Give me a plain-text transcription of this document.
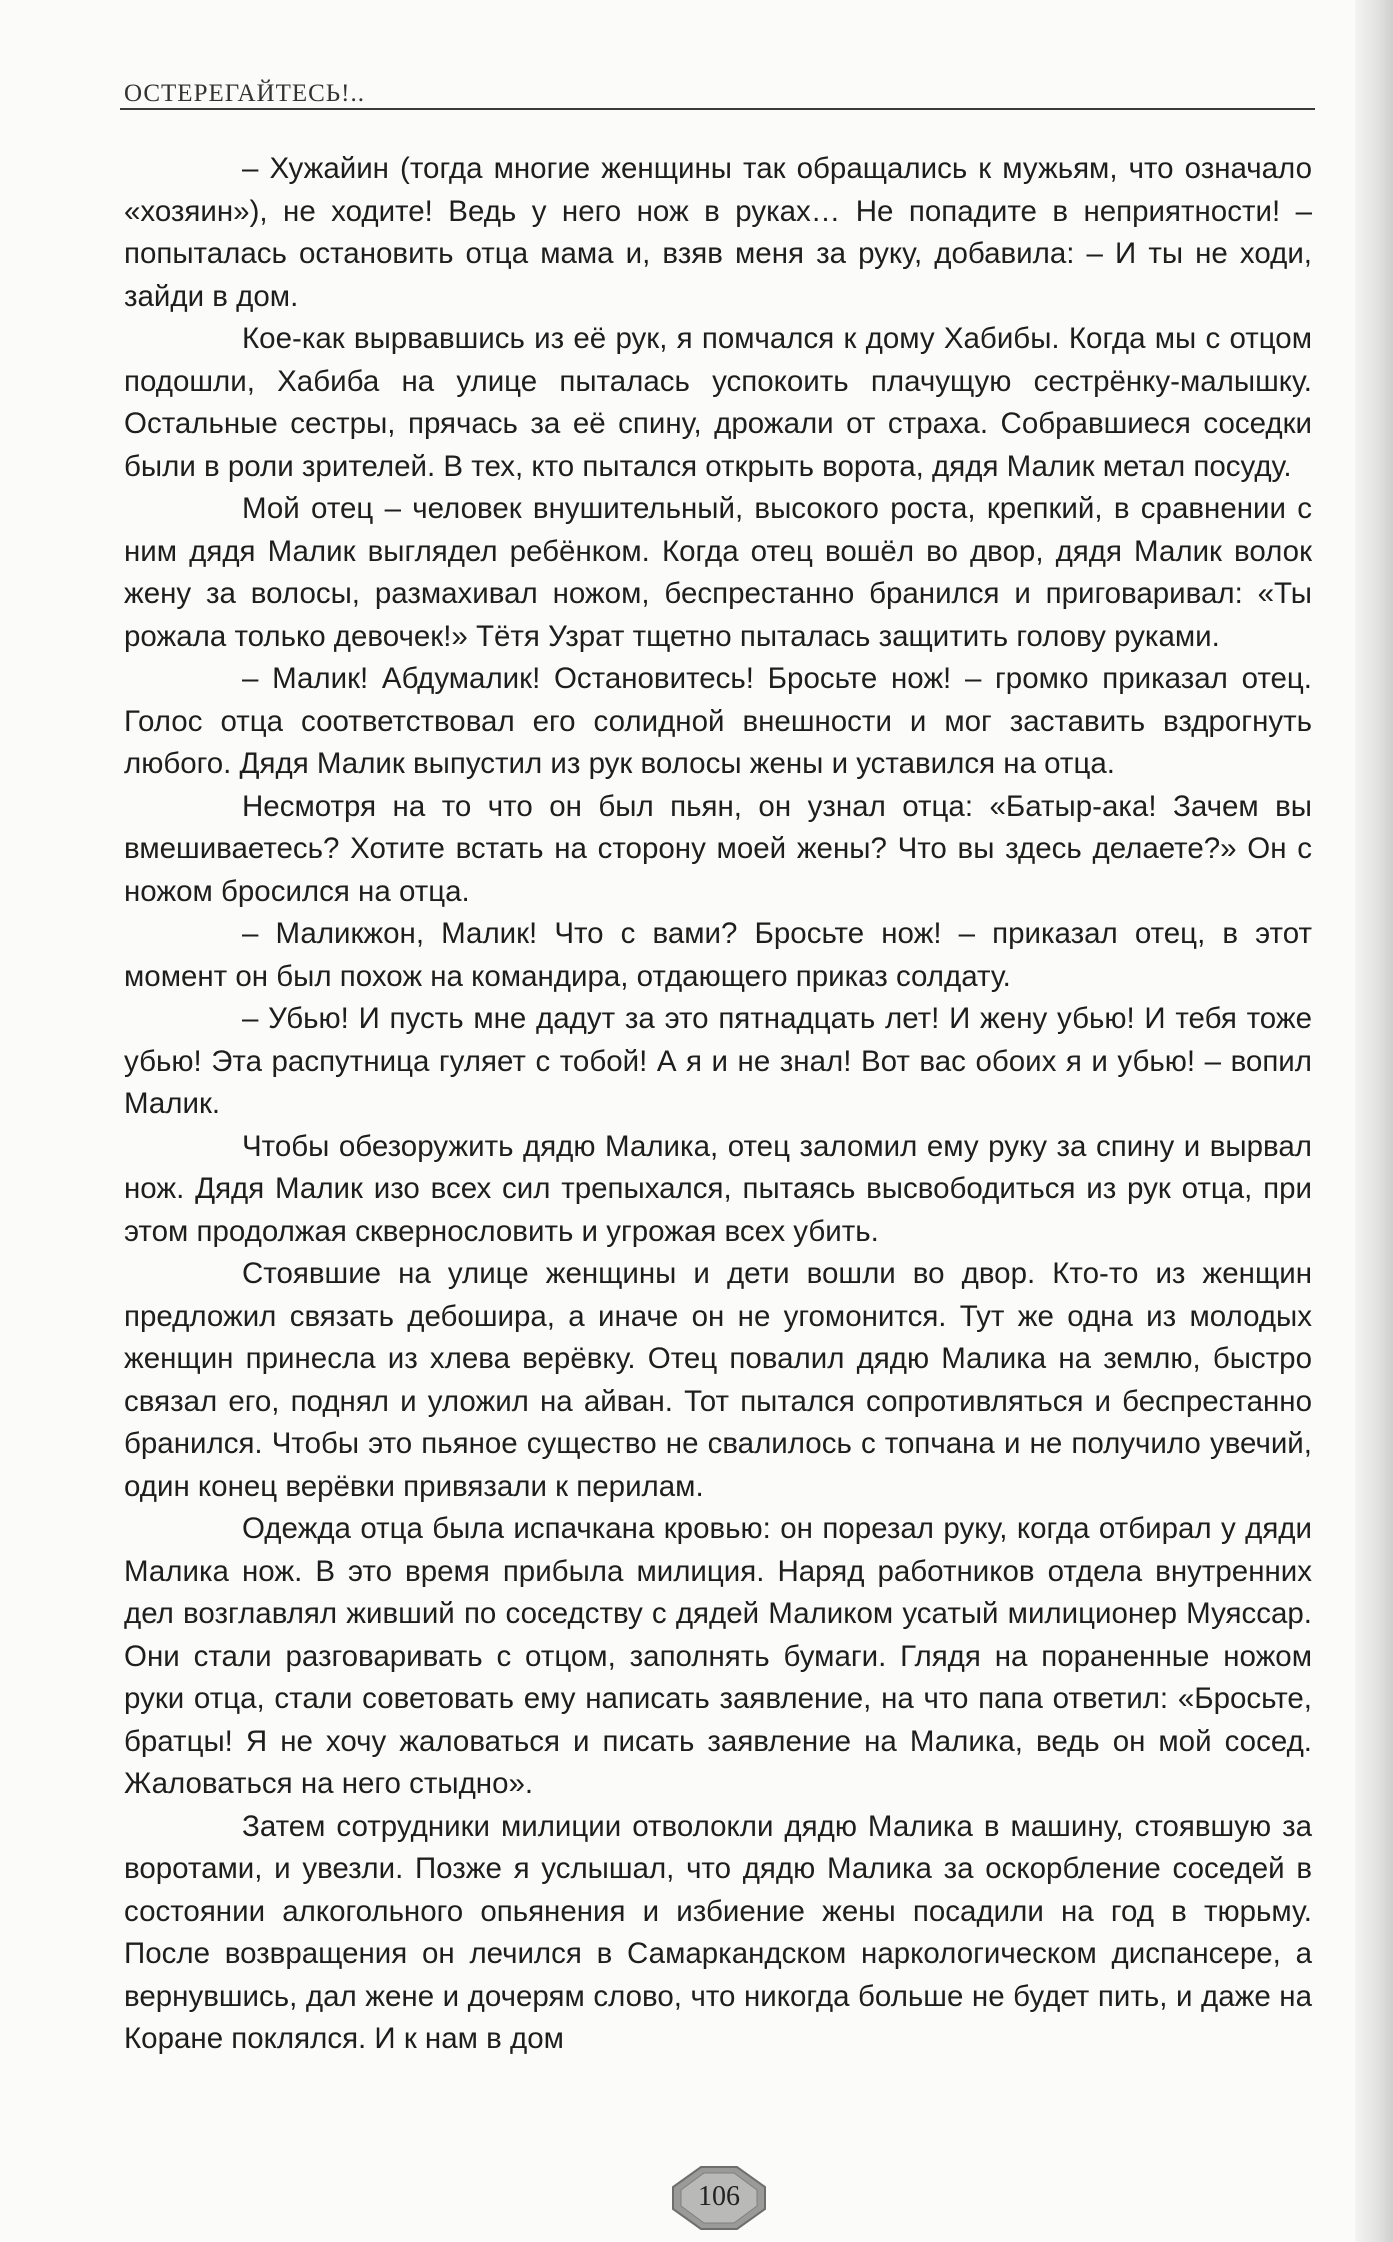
ОСТЕРЕГАЙТЕСЬ!..

– Хужайин (тогда многие женщины так обращались к мужьям, что означало «хозяин»), не ходите! Ведь у него нож в руках… Не попадите в неприятности! – попыталась остановить отца мама и, взяв меня за руку, добавила: – И ты не ходи, зайди в дом.

Кое-как вырвавшись из её рук, я помчался к дому Хабибы. Когда мы с отцом подошли, Хабиба на улице пыталась успокоить плачущую сестрёнку-малышку. Остальные сестры, прячась за её спину, дрожали от страха. Собравшиеся соседки были в роли зрителей. В тех, кто пытался открыть ворота, дядя Малик метал посуду.

Мой отец – человек внушительный, высокого роста, крепкий, в сравнении с ним дядя Малик выглядел ребёнком. Когда отец вошёл во двор, дядя Малик волок жену за волосы, размахивал ножом, беспрестанно бранился и приговаривал: «Ты рожала только девочек!» Тётя Узрат тщетно пыталась защитить голову руками.

– Малик! Абдумалик! Остановитесь! Бросьте нож! – громко приказал отец. Голос отца соответствовал его солидной внешности и мог заставить вздрогнуть любого. Дядя Малик выпустил из рук волосы жены и уставился на отца.

Несмотря на то что он был пьян, он узнал отца: «Батыр-ака! Зачем вы вмешиваетесь? Хотите встать на сторону моей жены? Что вы здесь делаете?» Он с ножом бросился на отца.

– Маликжон, Малик! Что с вами? Бросьте нож! – приказал отец, в этот момент он был похож на командира, отдающего приказ солдату.

– Убью! И пусть мне дадут за это пятнадцать лет! И жену убью! И тебя тоже убью! Эта распутница гуляет с тобой! А я и не знал! Вот вас обоих я и убью! – вопил Малик.

Чтобы обезоружить дядю Малика, отец заломил ему руку за спину и вырвал нож. Дядя Малик изо всех сил трепыхался, пытаясь высвободиться из рук отца, при этом продолжая сквернословить и угрожая всех убить.

Стоявшие на улице женщины и дети вошли во двор. Кто-то из женщин предложил связать дебошира, а иначе он не угомонится. Тут же одна из молодых женщин принесла из хлева верёвку. Отец повалил дядю Малика на землю, быстро связал его, поднял и уложил на айван. Тот пытался сопротивляться и беспрестанно бранился. Чтобы это пьяное существо не свалилось с топчана и не получило увечий, один конец верёвки привязали к перилам.

Одежда отца была испачкана кровью: он порезал руку, когда отбирал у дяди Малика нож. В это время прибыла милиция. Наряд работников отдела внутренних дел возглавлял живший по соседству с дядей Маликом усатый милиционер Муяссар. Они стали разговаривать с отцом, заполнять бумаги. Глядя на пораненные ножом руки отца, стали советовать ему написать заявление, на что папа ответил: «Бросьте, братцы! Я не хочу жаловаться и писать заявление на Малика, ведь он мой сосед. Жаловаться на него стыдно».

Затем сотрудники милиции отволокли дядю Малика в машину, стоявшую за воротами, и увезли. Позже я услышал, что дядю Малика за оскорбление соседей в состоянии алкогольного опьянения и избиение жены посадили на год в тюрьму. После возвращения он лечился в Самаркандском наркологическом диспансере, а вернувшись, дал жене и дочерям слово, что никогда больше не будет пить, и даже на Коране поклялся. И к нам в дом

106
